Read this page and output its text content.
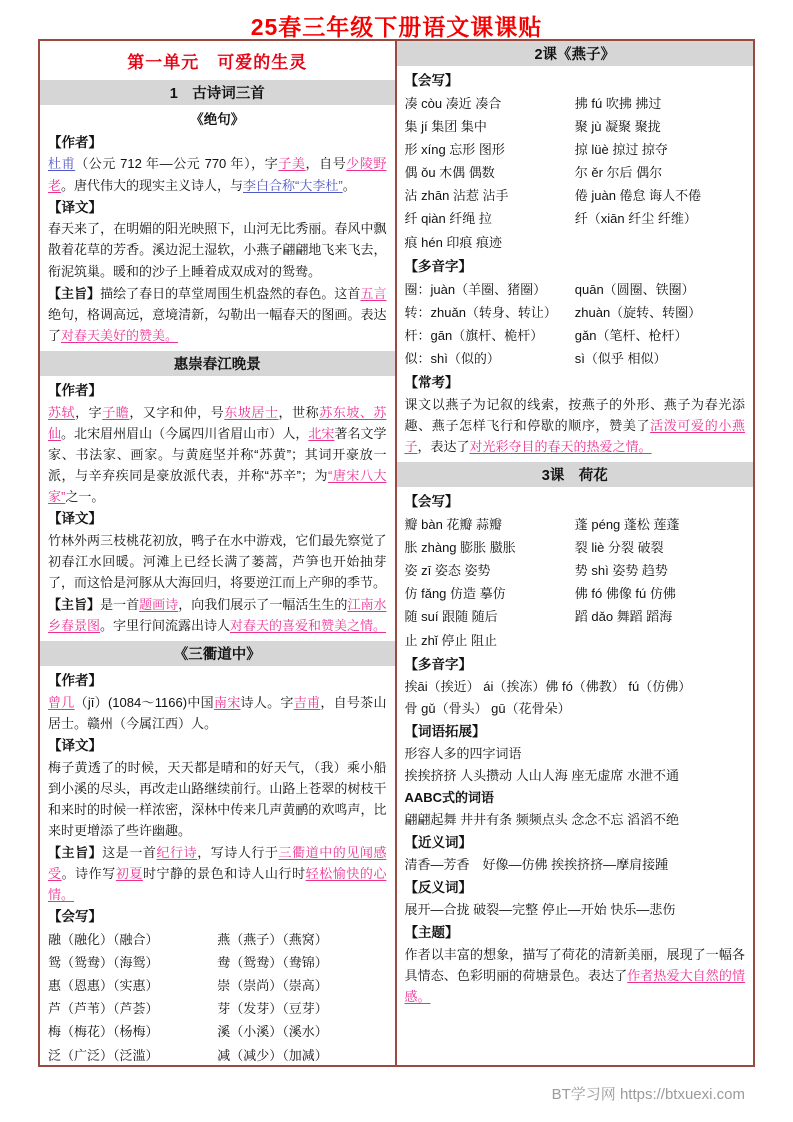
25春三年级下册语文课课贴
第一单元　可爱的生灵
1　古诗词三首
《绝句》
【作者】
杜甫（公元 712 年—公元 770 年），字子美，自号少陵野老。唐代伟大的现实主义诗人，与李白合称“大李杜”。
【译文】
春天来了，在明媚的阳光映照下，山河无比秀丽。春风中飘散着花草的芳香。溪边泥土湿软，小燕子翩翩地飞来飞去，衔泥筑巢。暖和的沙子上睡着成双成对的鸳鸯。
【主旨】描绘了春日的草堂周围生机盎然的春色。这首五言绝句，格调高远，意境清新，勾勒出一幅春天的图画。表达了对春天美好的赞美。
惠崇春江晚景
【作者】
苏轼，字子瞻，又字和仲，号东坡居士，世称苏东坡、苏仙。北宋眉州眉山（今属四川省眉山市）人，北宋著名文学家、书法家、画家。与黄庭坚并称“苏黄”；其词开豪放一派，与辛弃疾同是豪放派代表，并称“苏辛”；为“唐宋八大家”之一。
【译文】
竹林外两三枝桃花初放，鸭子在水中游戏，它们最先察觉了初春江水回暖。河滩上已经长满了蒌蒿，芦笋也开始抽芽了，而这恰是河豚从大海回归，将要逆江而上产卵的季节。
【主旨】是一首题画诗，向我们展示了一幅活生生的江南水乡春景图。字里行间流露出诗人对春天的喜爱和赞美之情。
《三衢道中》
【作者】
曾几（jī）(1084～1166)中国南宋诗人。字吉甫，自号茶山居士。赣州（今属江西）人。
【译文】
梅子黄透了的时候，天天都是晴和的好天气，（我）乘小船到小溪的尽头，再改走山路继续前行。山路上苍翠的树枝干和来时的时候一样浓密，深林中传来几声黄鹂的欢鸣声，比来时更增添了些许幽趣。
【主旨】这是一首纪行诗，写诗人行于三衢道中的见闻感受。诗作写初夏时宁静的景色和诗人山行时轻松愉快的心情。
【会写】
融（融化）（融合）	燕（燕子）（燕窝）
鸳（鸳鸯）（海鸳）	鸯（鸳鸯）（鸯锦）
惠（恩惠）（实惠）	崇（崇尚）（崇高）
芦（芦苇）（芦荟）	芽（发芽）（豆芽）
梅（梅花）（杨梅）	溪（小溪）（溪水）
泛（广泛）（泛滥）	减（减少）（加减）
2课《燕子》
【会写】
凑 còu 凑近 凑合	拂 fú 吹拂 拂过
集 jí 集团 集中	聚 jù 凝聚 聚拢
形 xíng 忘形 图形	掠 lüè 掠过 掠夺
偶 ǒu 木偶 偶数	尔 ěr 尔后 偶尔
沾 zhān 沾惹 沾手	倦 juàn 倦怠 诲人不倦
纤 qiàn 纤绳 拉	纤（xiān 纤尘 纤维）
痕 hén 印痕 痕迹
【多音字】
圈：juàn（羊圈、猪圈）	quān（圆圈、铁圈）
转：zhuǎn（转身、转让）	zhuàn（旋转、转圈）
杆：gān（旗杆、桅杆）	gǎn（笔杆、枪杆）
似：shì（似的）	sì（似乎 相似）
【常考】
课文以燕子为记叙的线索，按燕子的外形、燕子为春光添趣、燕子怎样飞行和停歇的顺序，赞美了活泼可爱的小燕子，表达了对光彩夺目的春天的热爱之情。
3课　荷花
【会写】
瓣 bàn 花瓣 蒜瓣	蓬 péng 蓬松 莲蓬
胀 zhàng 膨胀 臌胀	裂 liè 分裂 破裂
姿 zī 姿态 姿势	势 shì 姿势 趋势
仿 fǎng 仿造 摹仿	佛 fó 佛像 fú 仿佛
随 suí 跟随 随后	蹈 dǎo 舞蹈 蹈海
止 zhǐ 停止 阻止
【多音字】
挨āi（挨近） ái（挨冻）佛 fó（佛教） fú（仿佛）
骨 gǔ（骨头） gū（花骨朵）
【词语拓展】
形容人多的四字词语
挨挨挤挤 人头攒动 人山人海 座无虚席 水泄不通
AABC式的词语
翩翩起舞 井井有条 频频点头 念念不忘 滔滔不绝
【近义词】
清香—芳香　好像—仿佛 挨挨挤挤—摩肩接踵
【反义词】
展开—合拢 破裂—完整 停止—开始 快乐—悲伤
【主题】
作者以丰富的想象，描写了荷花的清新美丽，展现了一幅各具情态、色彩明丽的荷塘景色。表达了作者热爱大自然的情感。
BT学习网 https://btxuexi.com
